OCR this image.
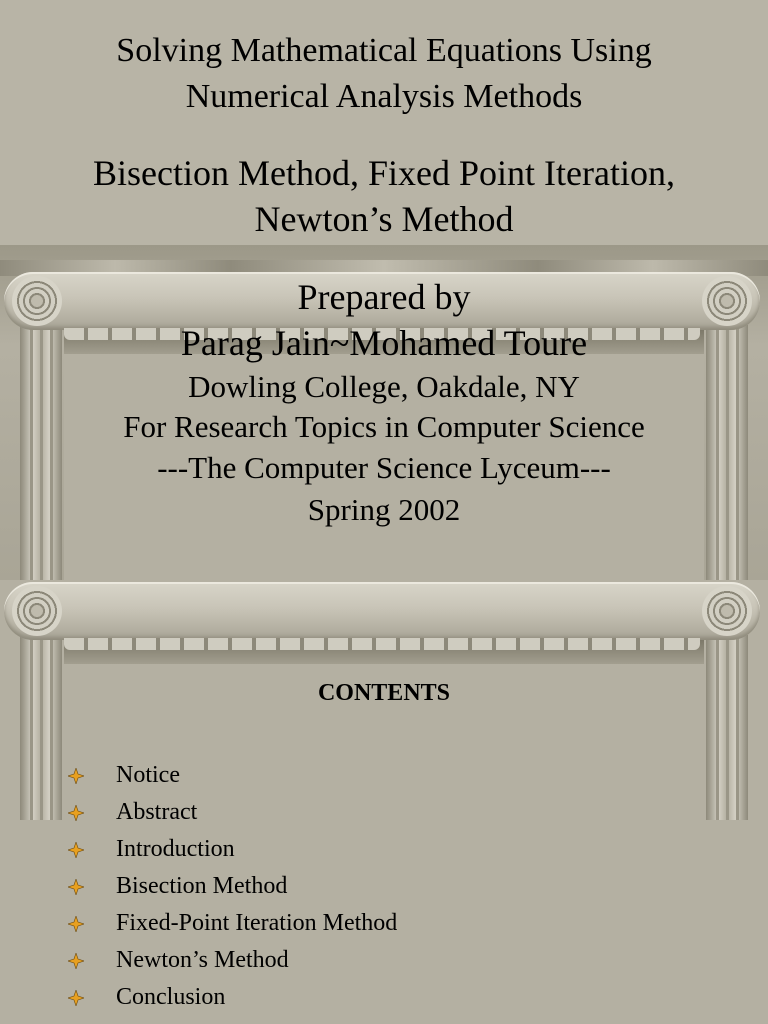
Solving Mathematical Equations Using
Numerical Analysis Methods
Bisection Method, Fixed Point Iteration,
Newton’s Method
Prepared by
Parag Jain~Mohamed Toure
Dowling College, Oakdale, NY
For Research Topics in Computer Science
---The Computer Science Lyceum---
Spring 2002
CONTENTS
Notice
Abstract
Introduction
Bisection Method
Fixed-Point Iteration Method
Newton’s Method
Conclusion
